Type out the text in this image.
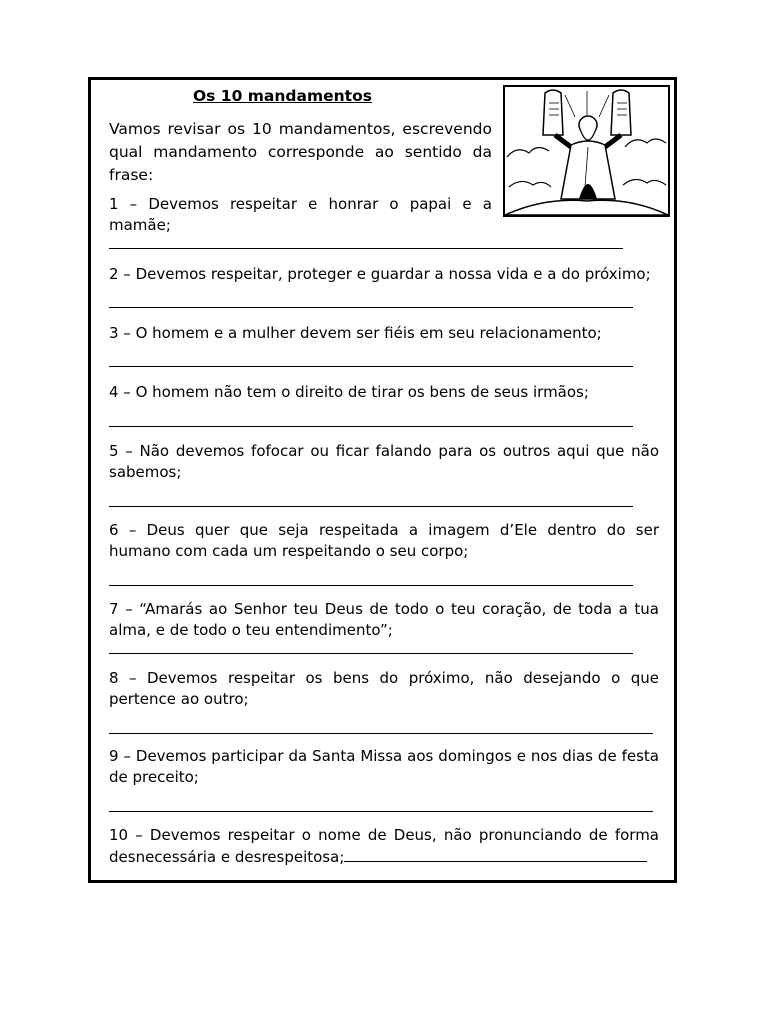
Os 10 mandamentos
Vamos revisar os 10 mandamentos, escrevendo qual mandamento corresponde ao sentido da frase:
1 – Devemos respeitar e honrar o papai e a mamãe;
2 – Devemos respeitar, proteger e guardar a nossa vida e a do próximo;
3 – O homem e a mulher devem ser fiéis em seu relacionamento;
4 – O homem não tem o direito de tirar os bens de seus irmãos;
5 – Não devemos fofocar ou ficar falando para os outros aqui que não sabemos;
6 – Deus quer que seja respeitada a imagem d’Ele dentro do ser humano com cada um respeitando o seu corpo;
7 – “Amarás ao Senhor teu Deus de todo o teu coração, de toda a tua alma, e de todo o teu entendimento”;
8 – Devemos respeitar os bens do próximo, não desejando o que pertence ao outro;
9 – Devemos participar da Santa Missa aos domingos e nos dias de festa de preceito;
10 – Devemos respeitar o nome de Deus, não pronunciando de forma desnecessária e desrespeitosa;
